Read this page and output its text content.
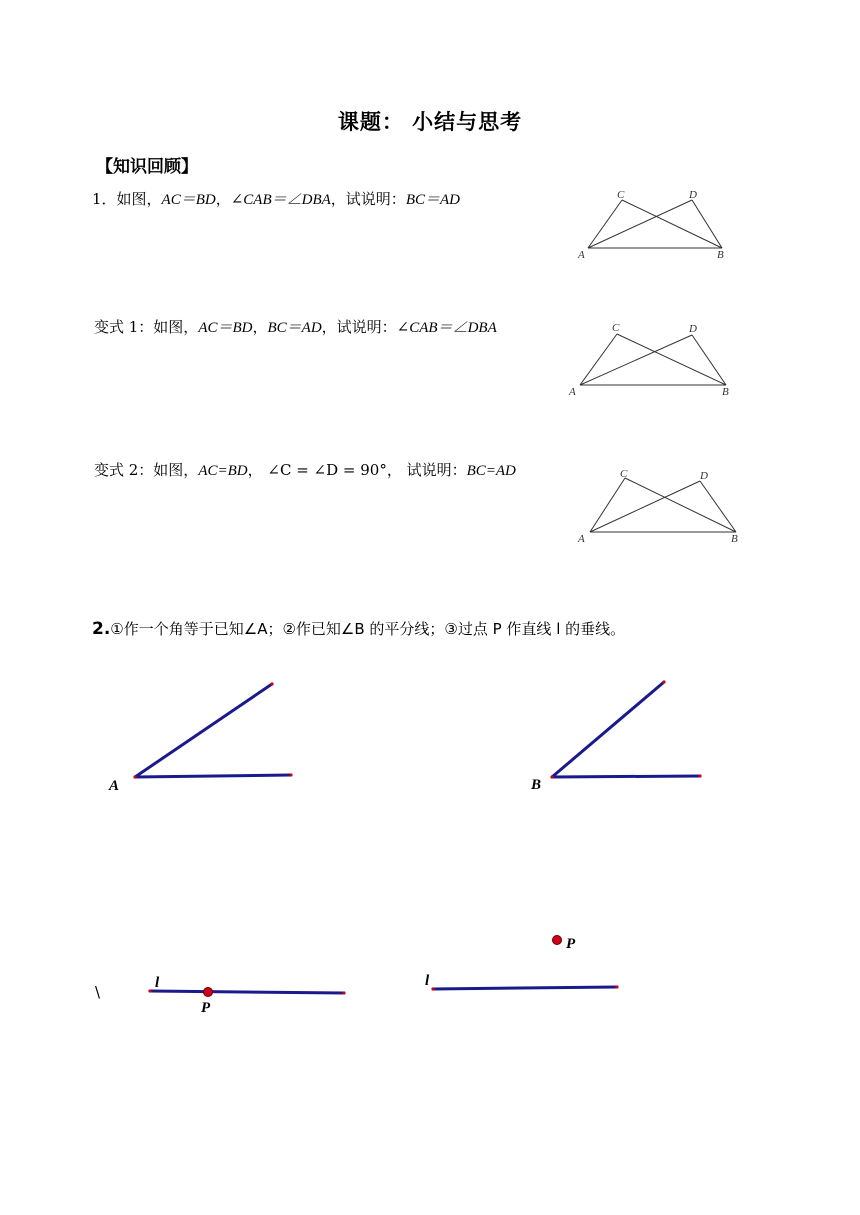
课题： 小结与思考
【知识回顾】
1．如图，AC＝BD，∠CAB＝∠DBA，试说明：BC＝AD
变式 1：如图，AC＝BD，BC＝AD，试说明：∠CAB＝∠DBA
变式 2：如图，AC=BD， ∠C = ∠D = 90°， 试说明：BC=AD
2.①作一个角等于已知∠A；②作已知∠B 的平分线；③过点 P 作直线 l 的垂线。
\
A	B
C	D
A	B
C	D
A	B
C	D
A	B
l
P
l
P
